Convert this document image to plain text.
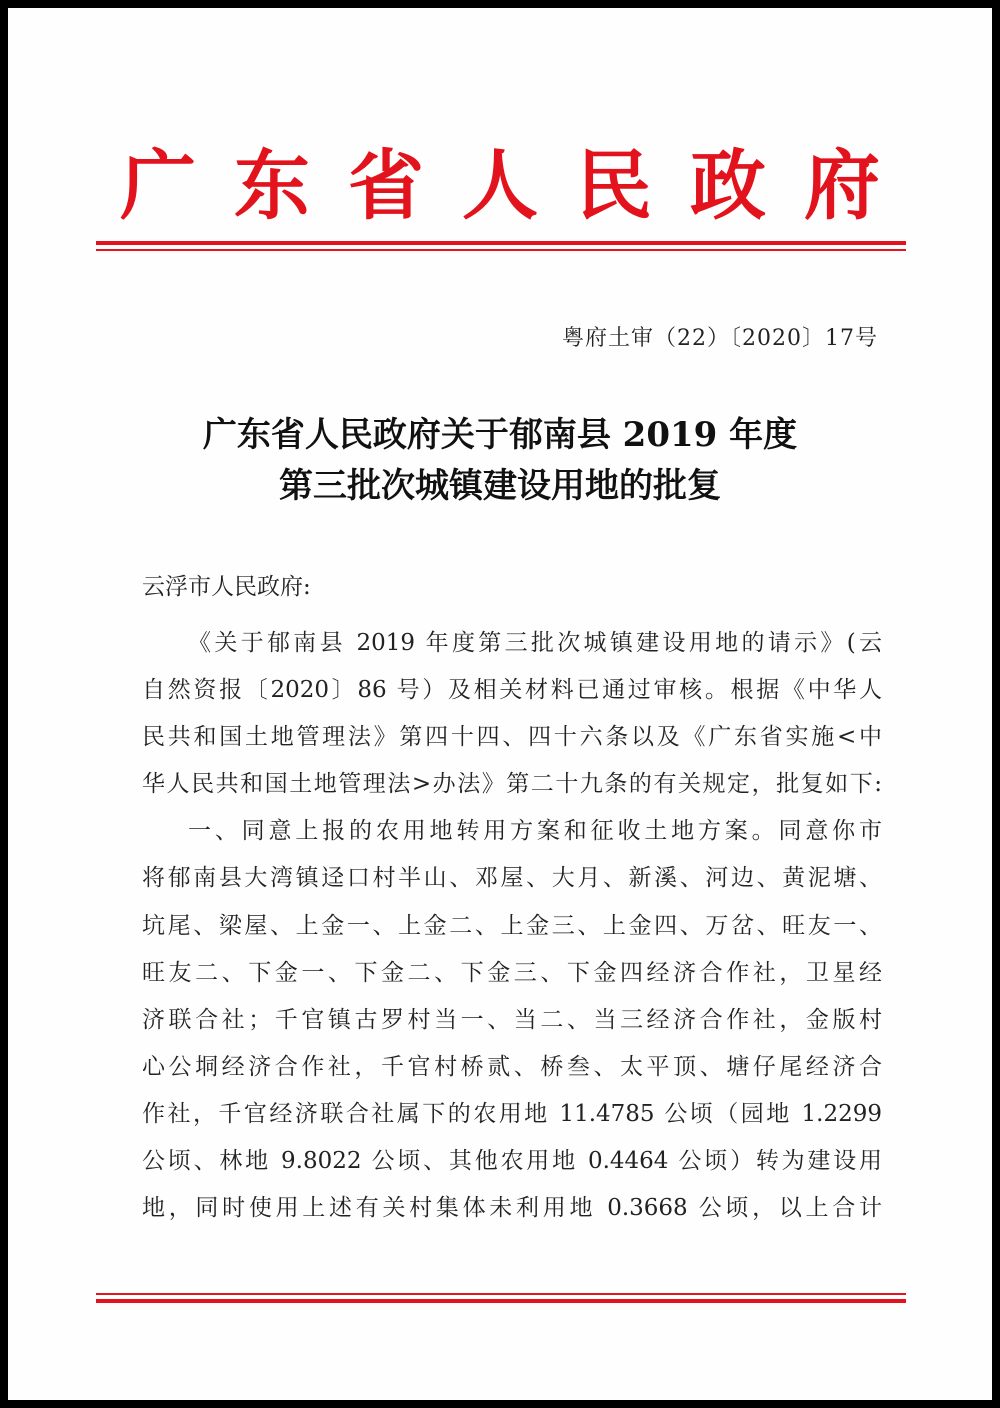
广东省人民政府
粤府土审（22）〔2020〕17号
广东省人民政府关于郁南县 2019 年度
第三批次城镇建设用地的批复
云浮市人民政府:
《关于郁南县 2019 年度第三批次城镇建设用地的请示》(云
自然资报〔2020〕86 号）及相关材料已通过审核。根据《中华人
民共和国土地管理法》第四十四、四十六条以及《广东省实施<中
华人民共和国土地管理法>办法》第二十九条的有关规定，批复如下:
一、同意上报的农用地转用方案和征收土地方案。同意你市
将郁南县大湾镇迳口村半山、邓屋、大月、新溪、河边、黄泥塘、
坑尾、梁屋、上金一、上金二、上金三、上金四、万岔、旺友一、
旺友二、下金一、下金二、下金三、下金四经济合作社，卫星经
济联合社；千官镇古罗村当一、当二、当三经济合作社，金版村
心公垌经济合作社，千官村桥贰、桥叁、太平顶、塘仔尾经济合
作社，千官经济联合社属下的农用地 11.4785 公顷（园地 1.2299
公顷、林地 9.8022 公顷、其他农用地 0.4464 公顷）转为建设用
地，同时使用上述有关村集体未利用地 0.3668 公顷，以上合计
